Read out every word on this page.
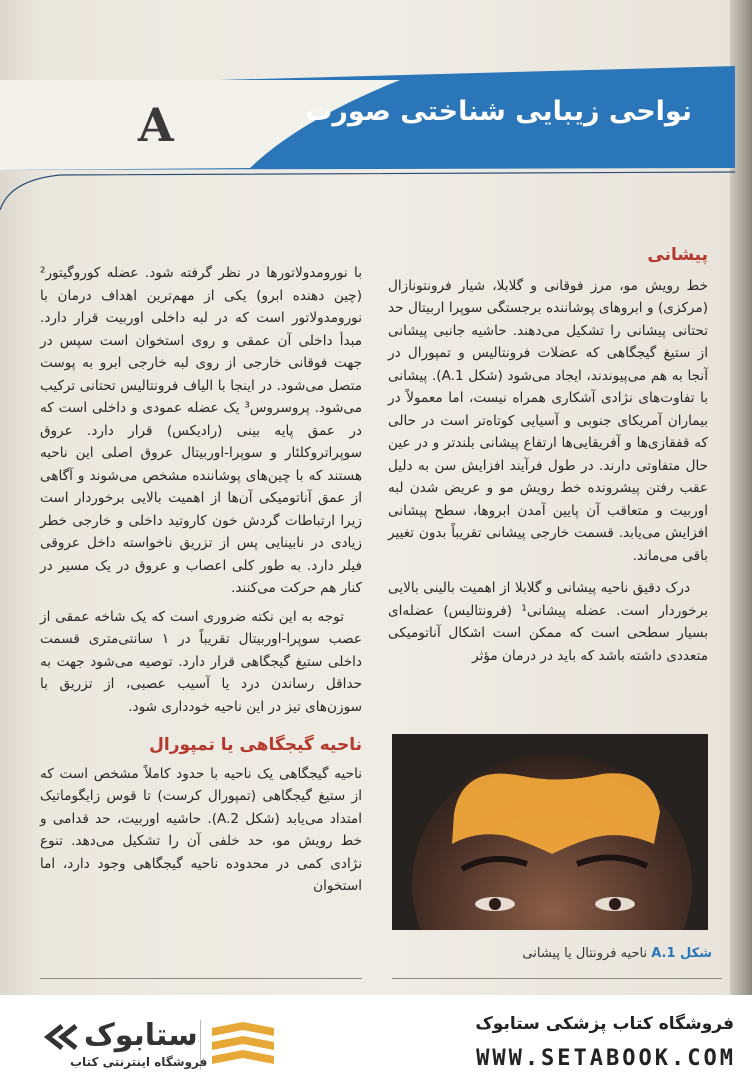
A	نواحی زیبایی شناختی صورت

پیشانی

خط رویش مو، مرز فوقانی و گلابلا، شیار فرونتونازال (مرکزی) و ابروهای پوشاننده برجستگی سوپرا اربیتال حد تحتانی پیشانی را تشکیل می‌دهند. حاشیه جانبی پیشانی از ستیغ گیجگاهی که عضلات فرونتالیس و تمپورال در آنجا به هم می‌پیوندند، ایجاد می‌شود (شکل A.1). پیشانی با تفاوت‌های نژادی آشکاری همراه نیست، اما معمولاً در بیماران آمریکای جنوبی و آسیایی کوتاه‌تر است در حالی که قفقازی‌ها و آفریقایی‌ها ارتفاع پیشانی بلندتر و در عین حال متفاوتی دارند. در طول فرآیند افزایش سن به دلیل عقب رفتن پیشرونده خط رویش مو و عریض شدن لبه اوربیت و متعاقب آن پایین آمدن ابروها، سطح پیشانی افزایش می‌یابد. قسمت خارجی پیشانی تقریباً بدون تغییر باقی می‌ماند.

درک دقیق ناحیه پیشانی و گلابلا از اهمیت بالینی بالایی برخوردار است. عضله پیشانی¹ (فرونتالیس) عضله‌ای بسیار سطحی است که ممکن است اشکال آناتومیکی متعددی داشته باشد که باید در درمان مؤثر

با نورومدولاتورها در نظر گرفته شود. عضله کوروگیتور² (چین دهنده ابرو) یکی از مهم‌ترین اهداف درمان با نورومدولاتور است که در لبه داخلی اوربیت قرار دارد. مبدأ داخلی آن عمقی و روی استخوان است سپس در جهت فوقانی خارجی از روی لبه خارجی ابرو به پوست متصل می‌شود. در اینجا با الیاف فرونتالیس تحتانی ترکیب می‌شود. پروسروس³ یک عضله عمودی و داخلی است که در عمق پایه بینی (رادیکس) قرار دارد. عروق سوپراتروکلئار و سوپرا-اوربیتال عروق اصلی این ناحیه هستند که با چین‌های پوشاننده مشخص می‌شوند و آگاهی از عمق آناتومیکی آن‌ها از اهمیت بالایی برخوردار است زیرا ارتباطات گردش خون کاروتید داخلی و خارجی خطر زیادی در نابینایی پس از تزریق ناخواسته داخل عروقی فیلر دارد. به طور کلی اعصاب و عروق در یک مسیر در کنار هم حرکت می‌کنند.

توجه به این نکته ضروری است که یک شاخه عمقی از عصب سوپرا-اوربیتال تقریباً در ۱ سانتی‌متری قسمت داخلی ستیغ گیجگاهی قرار دارد. توصیه می‌شود جهت به حداقل رساندن درد یا آسیب عصبی، از تزریق با سوزن‌های تیز در این ناحیه خودداری شود.

ناحیه گیجگاهی یا تمپورال

ناحیه گیجگاهی یک ناحیه با حدود کاملاً مشخص است که از ستیغ گیجگاهی (تمپورال کرست) تا قوس زایگوماتیک امتداد می‌یابد (شکل A.2). حاشیه اوربیت، حد قدامی و خط رویش مو، حد خلفی آن را تشکیل می‌دهد. تنوع نژادی کمی در محدوده ناحیه گیجگاهی وجود دارد، اما استخوان

شکل A.1 ناحیه فرونتال یا پیشانی
فروشگاه کتاب پزشکی ستابوک
WWW.SETABOOK.COM
ستابوک
فروشگاه اینترنتی کتاب
